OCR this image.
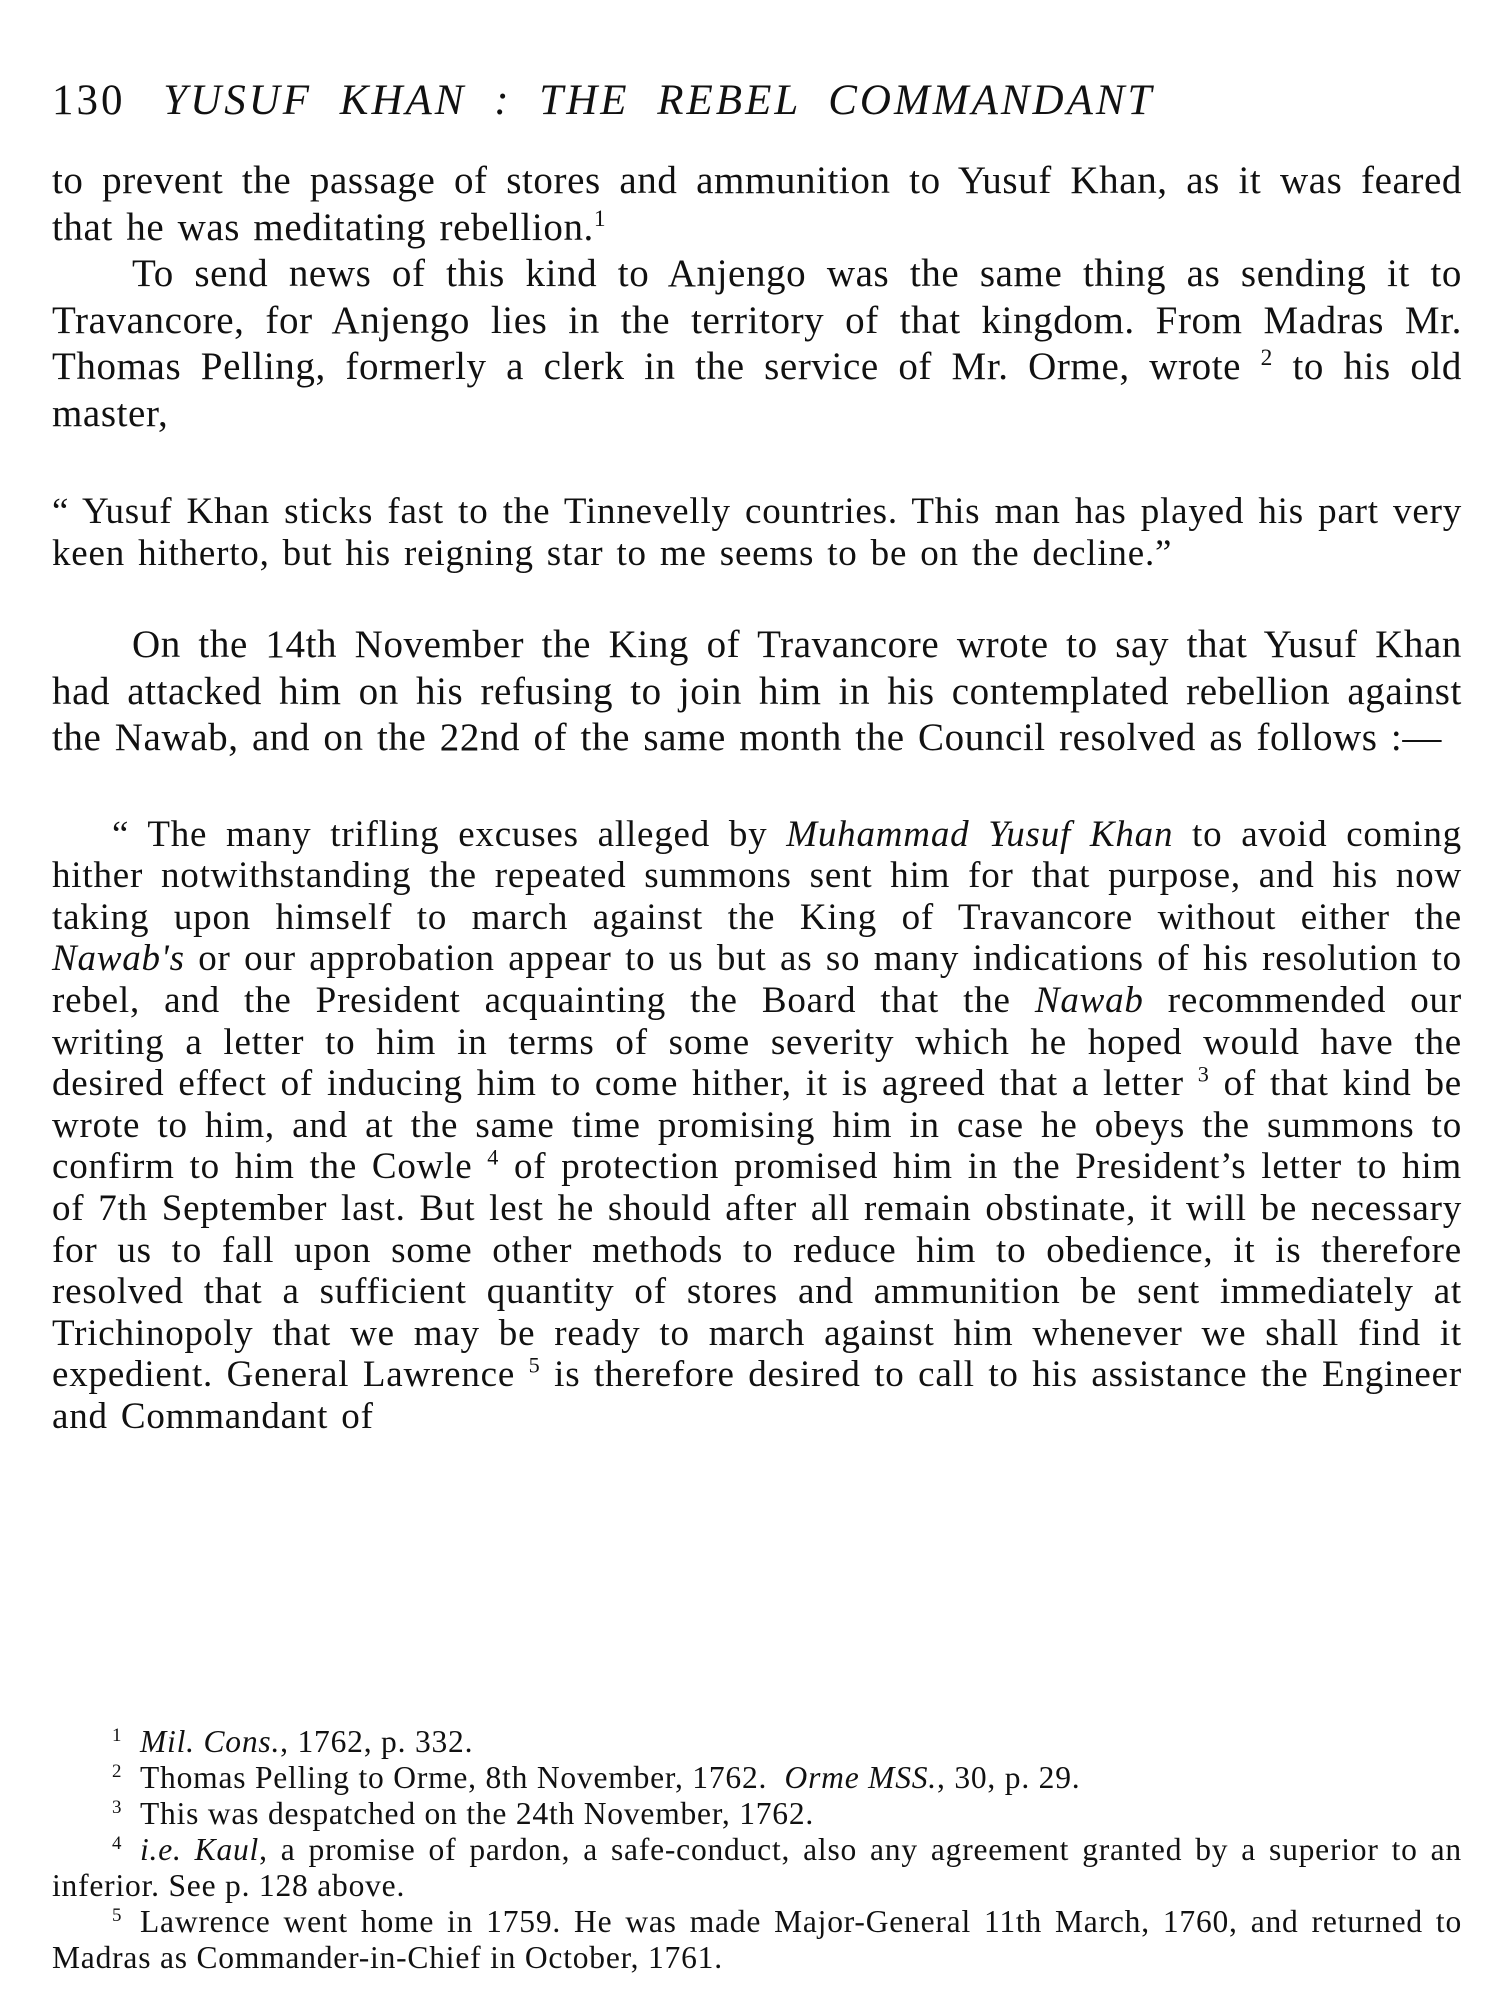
130 YUSUF KHAN : THE REBEL COMMANDANT

to prevent the passage of stores and ammunition to Yusuf Khan, as it was feared that he was meditating rebellion.$^1$

To send news of this kind to Anjengo was the same thing as sending it to Travancore, for Anjengo lies in the territory of that kingdom. From Madras Mr. Thomas Pelling, formerly a clerk in the service of Mr. Orme, wrote $^2$ to his old master,

“ Yusuf Khan sticks fast to the Tinnevelly countries. This man has played his part very keen hitherto, but his reigning star to me seems to be on the decline.”

On the 14th November the King of Travancore wrote to say that Yusuf Khan had attacked him on his refusing to join him in his contemplated rebellion against the Nawab, and on the 22nd of the same month the Council resolved as follows :—

“ The many trifling excuses alleged by Muhammad Yusuf Khan to avoid coming hither notwithstanding the repeated summons sent him for that purpose, and his now taking upon himself to march against the King of Travancore without either the Nawab's or our approbation appear to us but as so many indications of his resolution to rebel, and the President acquainting the Board that the Nawab recommended our writing a letter to him in terms of some severity which he hoped would have the desired effect of inducing him to come hither, it is agreed that a letter $^3$ of that kind be wrote to him, and at the same time promising him in case he obeys the summons to confirm to him the Cowle $^4$ of protection promised him in the President’s letter to him of 7th September last. But lest he should after all remain obstinate, it will be necessary for us to fall upon some other methods to reduce him to obedience, it is therefore resolved that a sufficient quantity of stores and ammunition be sent immediately at Trichinopoly that we may be ready to march against him whenever we shall find it expedient. General Lawrence $^5$ is therefore desired to call to his assistance the Engineer and Commandant of

$^1$ Mil. Cons., 1762, p. 332.

$^2$ Thomas Pelling to Orme, 8th November, 1762. Orme MSS., 30, p. 29.

$^3$ This was despatched on the 24th November, 1762.

$^4$ i.e. Kaul, a promise of pardon, a safe-conduct, also any agreement granted by a superior to an inferior. See p. 128 above.

$^5$ Lawrence went home in 1759. He was made Major-General 11th March, 1760, and returned to Madras as Commander-in-Chief in October, 1761.
